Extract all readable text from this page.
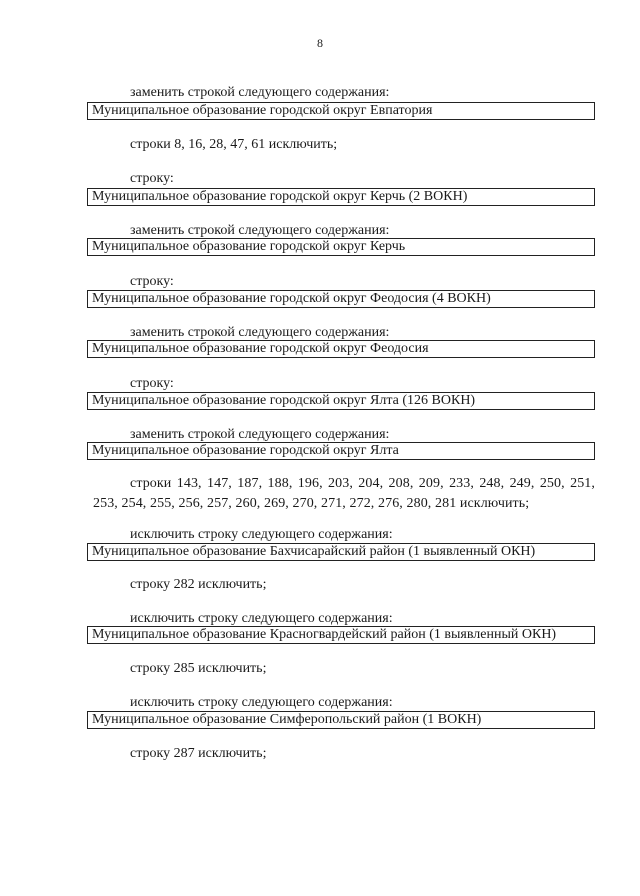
8
заменить строкой следующего содержания:
Муниципальное образование городской округ Евпатория
строки 8, 16, 28, 47, 61 исключить;
строку:
Муниципальное образование городской округ Керчь (2 ВОКН)
заменить строкой следующего содержания:
Муниципальное образование городской округ Керчь
строку:
Муниципальное образование городской округ Феодосия (4 ВОКН)
заменить строкой следующего содержания:
Муниципальное образование городской округ Феодосия
строку:
Муниципальное образование городской округ Ялта (126 ВОКН)
заменить строкой следующего содержания:
Муниципальное образование городской округ Ялта
строки 143, 147, 187, 188, 196, 203, 204, 208, 209, 233, 248, 249, 250, 251, 253, 254, 255, 256, 257, 260, 269, 270, 271, 272, 276, 280, 281 исключить;
исключить строку следующего содержания:
Муниципальное образование Бахчисарайский район (1 выявленный ОКН)
строку 282 исключить;
исключить строку следующего содержания:
Муниципальное образование Красногвардейский район (1 выявленный ОКН)
строку 285 исключить;
исключить строку следующего содержания:
Муниципальное образование Симферопольский район (1 ВОКН)
строку 287 исключить;
